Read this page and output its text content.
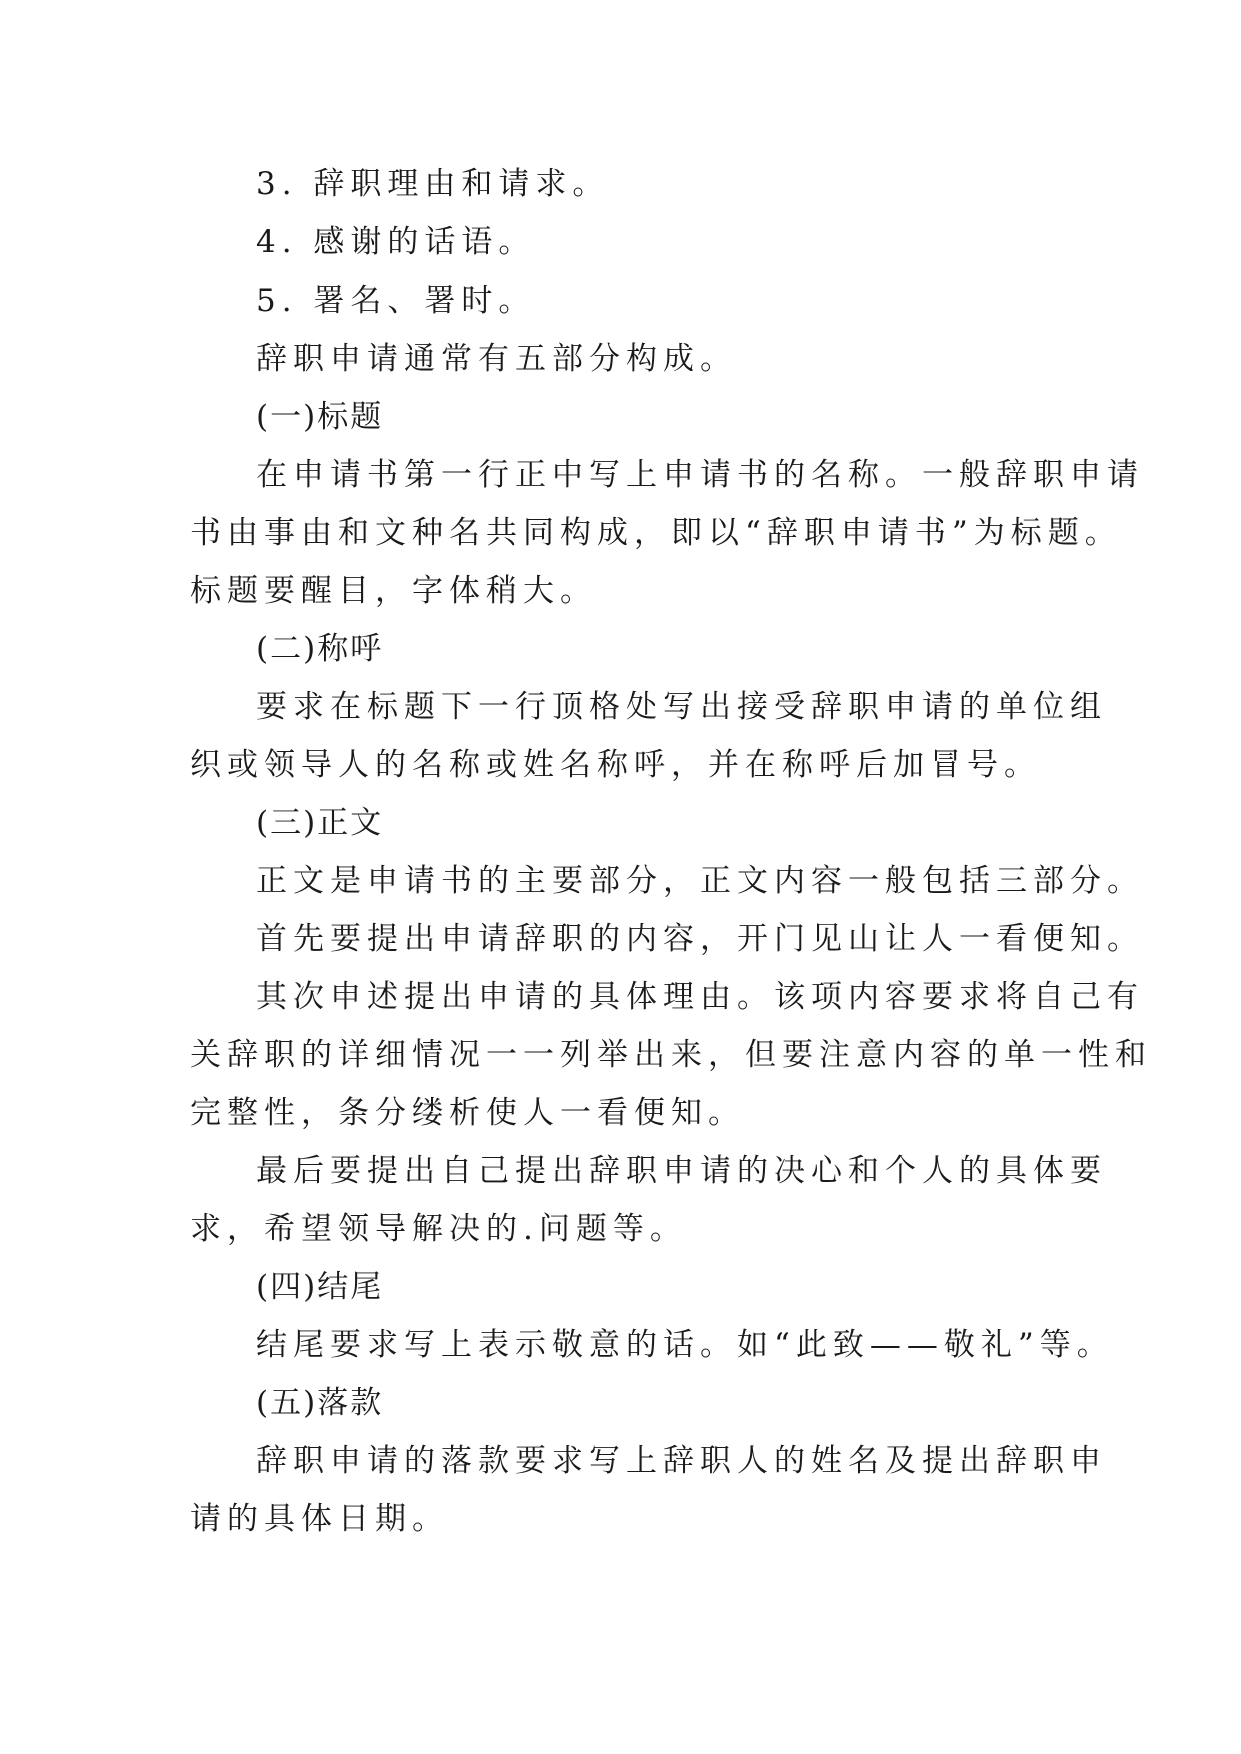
3. 辞职理由和请求。
4. 感谢的话语。
5. 署名、署时。
辞职申请通常有五部分构成。
(一)标题
在申请书第一行正中写上申请书的名称。一般辞职申请
书由事由和文种名共同构成，即以“辞职申请书”为标题。
标题要醒目，字体稍大。
(二)称呼
要求在标题下一行顶格处写出接受辞职申请的单位组
织或领导人的名称或姓名称呼，并在称呼后加冒号。
(三)正文
正文是申请书的主要部分，正文内容一般包括三部分。
首先要提出申请辞职的内容，开门见山让人一看便知。
其次申述提出申请的具体理由。该项内容要求将自己有
关辞职的详细情况一一列举出来，但要注意内容的单一性和
完整性，条分缕析使人一看便知。
最后要提出自己提出辞职申请的决心和个人的具体要
求，希望领导解决的.问题等。
(四)结尾
结尾要求写上表示敬意的话。如“此致——敬礼”等。
(五)落款
辞职申请的落款要求写上辞职人的姓名及提出辞职申
请的具体日期。
